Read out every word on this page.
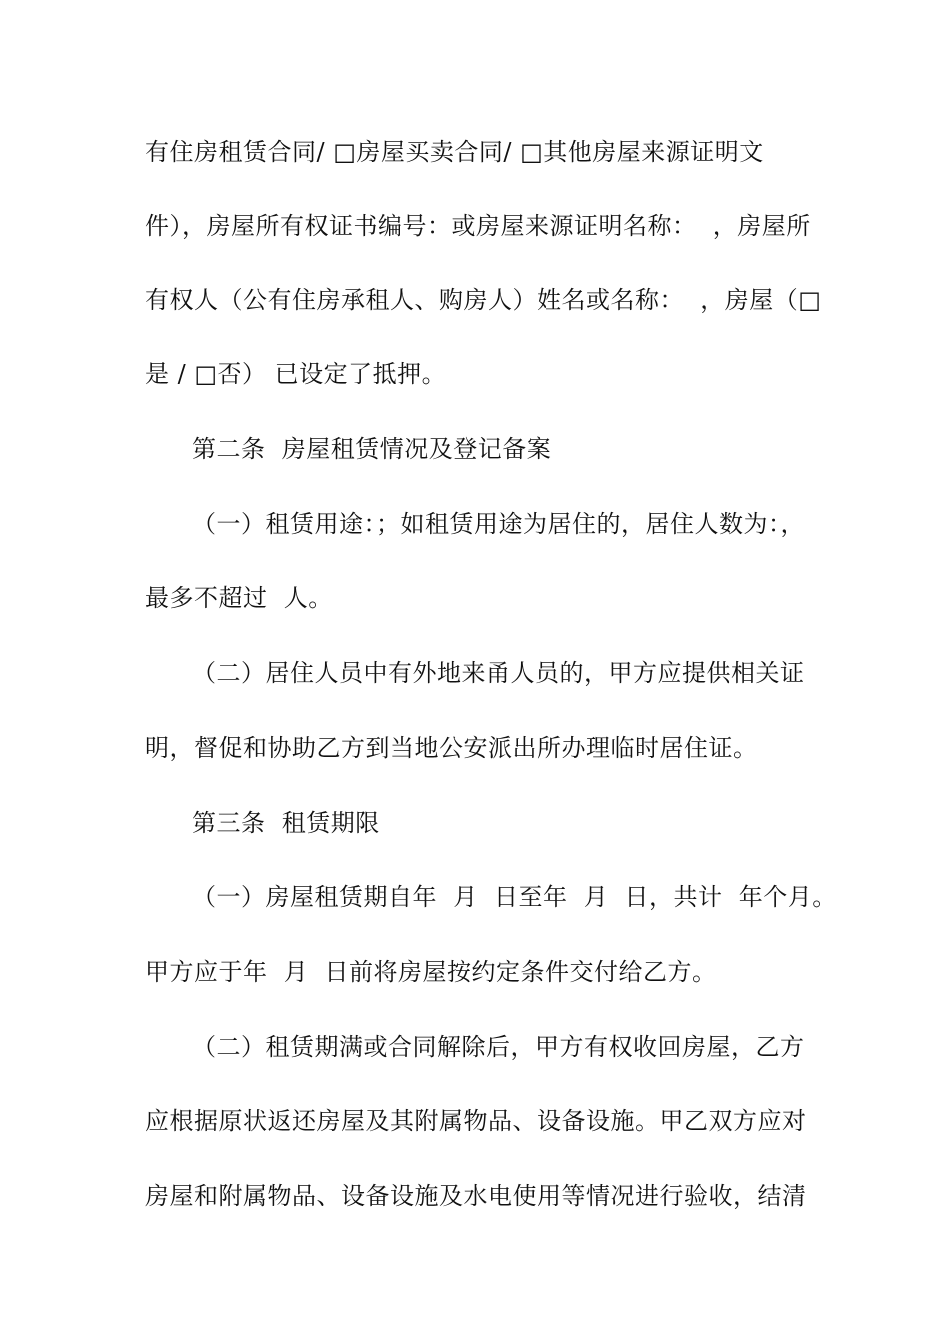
有住房租赁合同/ □房屋买卖合同/ □其他房屋来源证明文
件），房屋所有权证书编号：或房屋来源证明名称：  ，房屋所
有权人（公有住房承租人、购房人）姓名或名称：  ，房屋（□
是 / □否） 已设定了抵押。
第二条  房屋租赁情况及登记备案
（一）租赁用途：；如租赁用途为居住的，居住人数为：，
最多不超过  人。
（二）居住人员中有外地来甬人员的，甲方应提供相关证
明，督促和协助乙方到当地公安派出所办理临时居住证。
第三条  租赁期限
（一）房屋租赁期自年  月  日至年  月  日，共计  年个月。
甲方应于年  月  日前将房屋按约定条件交付给乙方。
（二）租赁期满或合同解除后，甲方有权收回房屋，乙方
应根据原状返还房屋及其附属物品、设备设施。甲乙双方应对
房屋和附属物品、设备设施及水电使用等情况进行验收，结清
